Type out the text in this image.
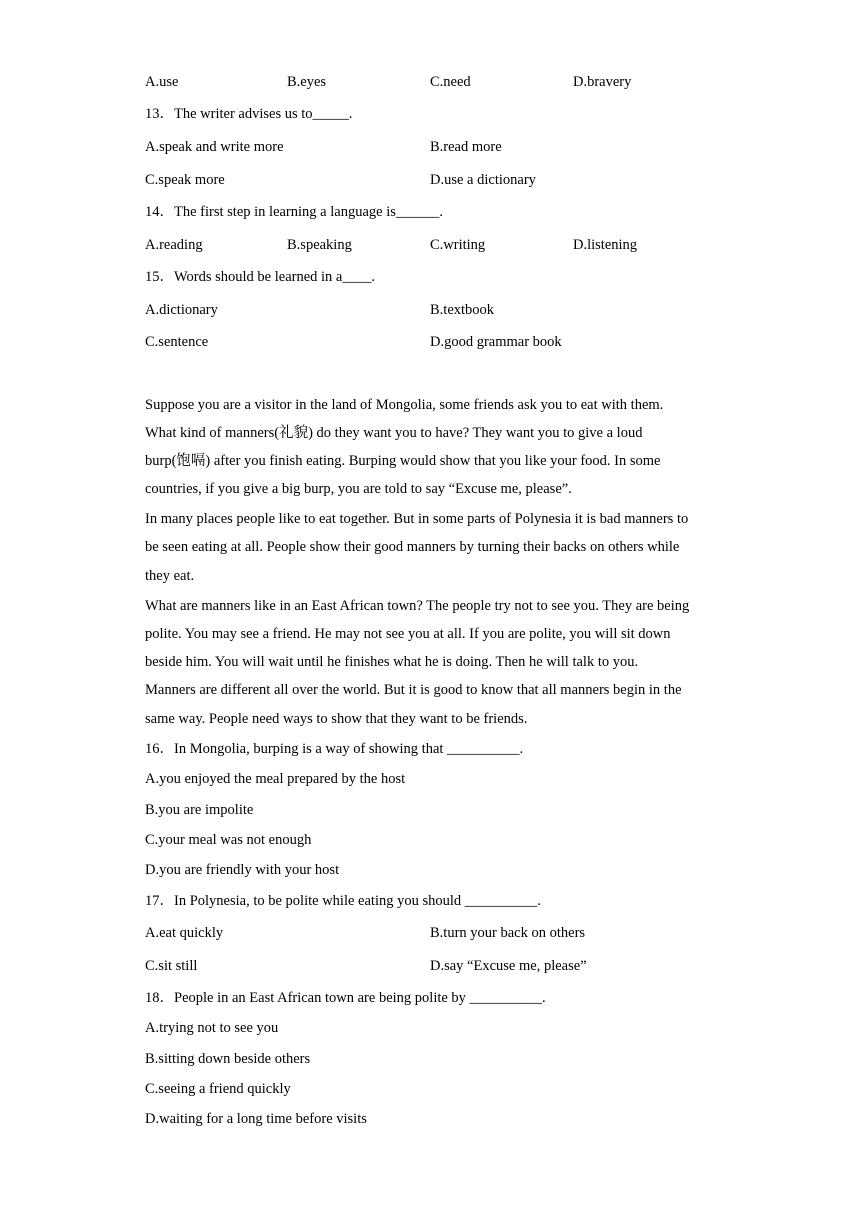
A.use	B.eyes	C.need	D.bravery
13．The writer advises us to_____.
A.speak and write more	B.read more
C.speak more	D.use a dictionary
14．The first step in learning a language is______.
A.reading	B.speaking	C.writing	D.listening
15．Words should be learned in a____.
A.dictionary	B.textbook
C.sentence	D.good grammar book
Suppose you are a visitor in the land of Mongolia, some friends ask you to eat with them.
What kind of manners(礼貌) do they want you to have? They want you to give a loud
burp(饱嗝) after you finish eating. Burping would show that you like your food. In some
countries, if you give a big burp, you are told to say “Excuse me, please”.
In many places people like to eat together. But in some parts of Polynesia it is bad manners to
be seen eating at all. People show their good manners by turning their backs on others while
they eat.
What are manners like in an East African town? The people try not to see you. They are being
polite. You may see a friend. He may not see you at all. If you are polite, you will sit down
beside him. You will wait until he finishes what he is doing. Then he will talk to you.
Manners are different all over the world. But it is good to know that all manners begin in the
same way. People need ways to show that they want to be friends.
16．In Mongolia, burping is a way of showing that __________.
A.you enjoyed the meal prepared by the host
B.you are impolite
C.your meal was not enough
D.you are friendly with your host
17．In Polynesia, to be polite while eating you should __________.
A.eat quickly	B.turn your back on others
C.sit still	D.say “Excuse me, please”
18．People in an East African town are being polite by __________.
A.trying not to see you
B.sitting down beside others
C.seeing a friend quickly
D.waiting for a long time before visits
